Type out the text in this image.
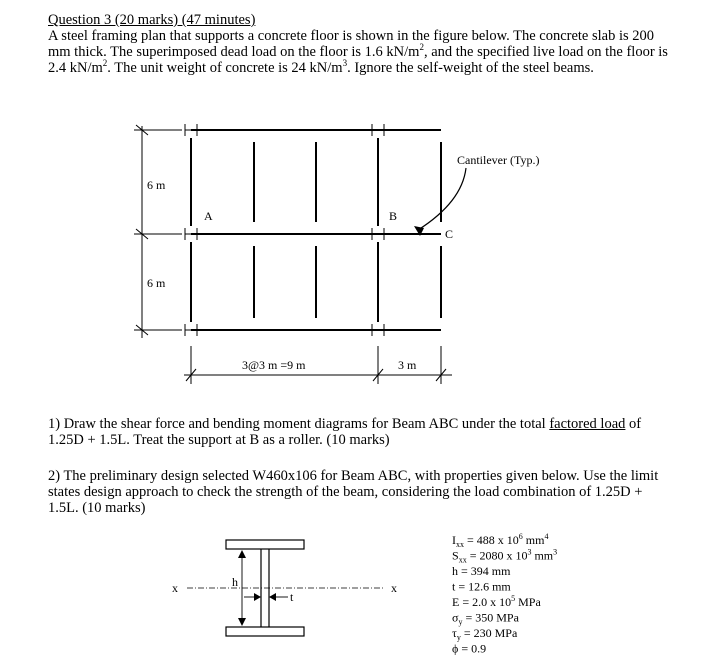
Question 3 (20 marks) (47 minutes)

A steel framing plan that supports a concrete floor is shown in the figure below. The concrete slab is 200 mm thick. The superimposed dead load on the floor is 1.6 $kN/m^2$, and the specified live load on the floor is 2.4 $kN/m^2$. The unit weight of concrete is 24 $kN/m^3$. Ignore the self-weight of the steel beams.

1) Draw the shear force and bending moment diagrams for Beam ABC under the total factored load of 1.25D + 1.5L. Treat the support at B as a roller. (10 marks)

2) The preliminary design selected W460x106 for Beam ABC, with properties given below. Use the limit states design approach to check the strength of the beam, considering the load combination of 1.25D + 1.5L. (10 marks)

6 m
6 m
A	B
C
Cantilever (Typ.)
3@3 m =9 m	3 m
x	x
h
t
Ixx = 488 x 106 mm4
Sxx = 2080 x 103 mm3
h = 394 mm
t = 12.6 mm
E = 2.0 x 105 MPa
σy = 350 MPa
τy = 230 MPa
ϕ = 0.9
